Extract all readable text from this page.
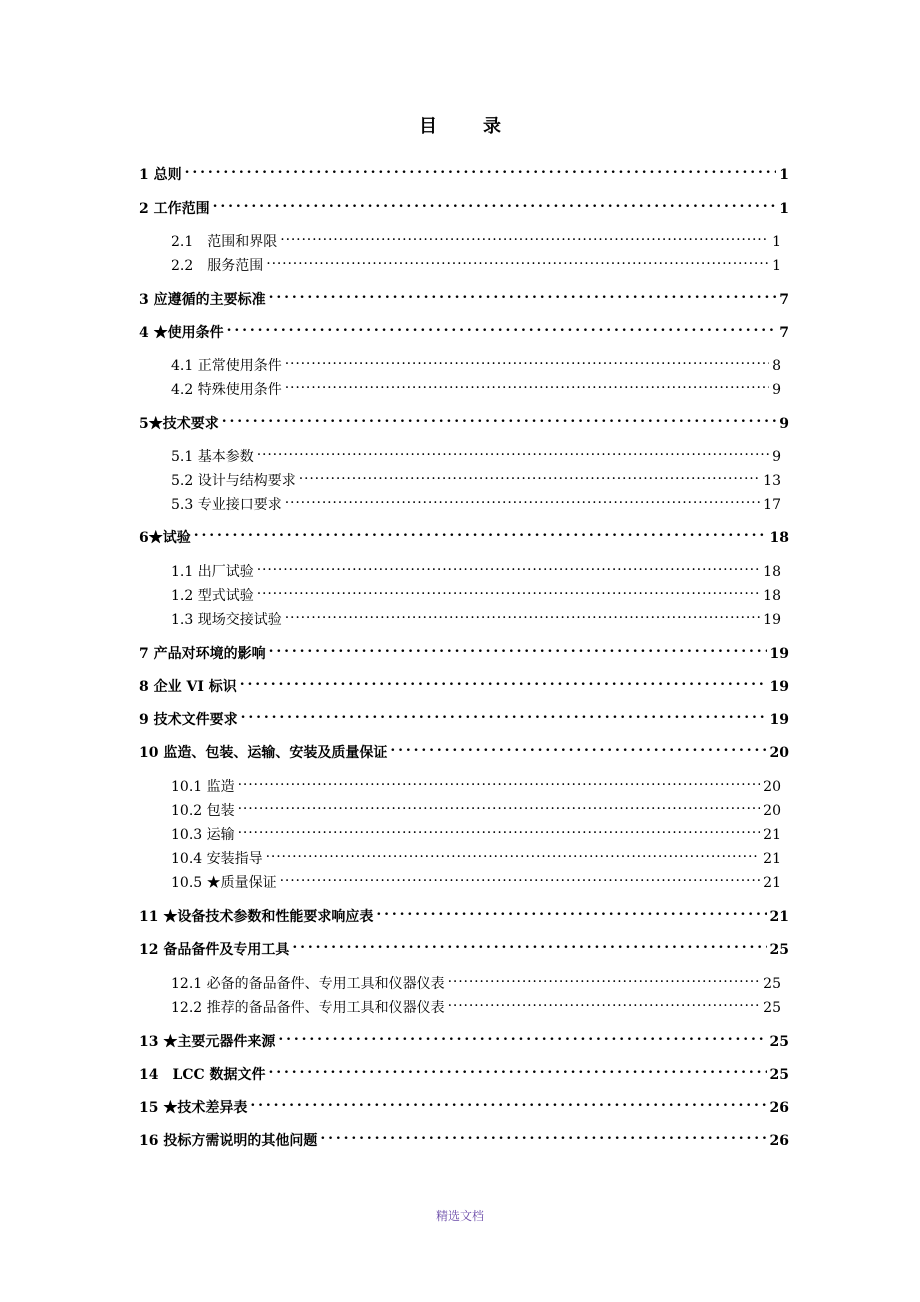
目　录
1 总则 . . .	1
2 工作范围 . . .	1
2.1　范围和界限 . . .	1
2.2　服务范围 . . .	1
3 应遵循的主要标准 . . .	7
4 ★使用条件 . . .	7
4.1 正常使用条件 . . .	8
4.2 特殊使用条件 . . .	9
5★技术要求 . . .	9
5.1 基本参数 . . .	9
5.2 设计与结构要求 . . .	13
5.3 专业接口要求 . . .	17
6★试验 . . .	18
1.1 出厂试验 . . .	18
1.2 型式试验 . . .	18
1.3 现场交接试验 . . .	19
7 产品对环境的影响 . . .	19
8 企业 VI 标识 . . .	19
9 技术文件要求 . . .	19
10 监造、包装、运输、安装及质量保证 . . .	20
10.1 监造 . . .	20
10.2 包装 . . .	20
10.3 运输 . . .	21
10.4 安装指导 . . .	21
10.5 ★质量保证 . . .	21
11 ★设备技术参数和性能要求响应表 . . .	21
12 备品备件及专用工具 . . .	25
12.1 必备的备品备件、专用工具和仪器仪表 . . .	25
12.2 推荐的备品备件、专用工具和仪器仪表 . . .	25
13 ★主要元器件来源 . . .	25
14　LCC 数据文件 . . .	25
15 ★技术差异表 . . .	26
16 投标方需说明的其他问题 . . .	26
精选文档
